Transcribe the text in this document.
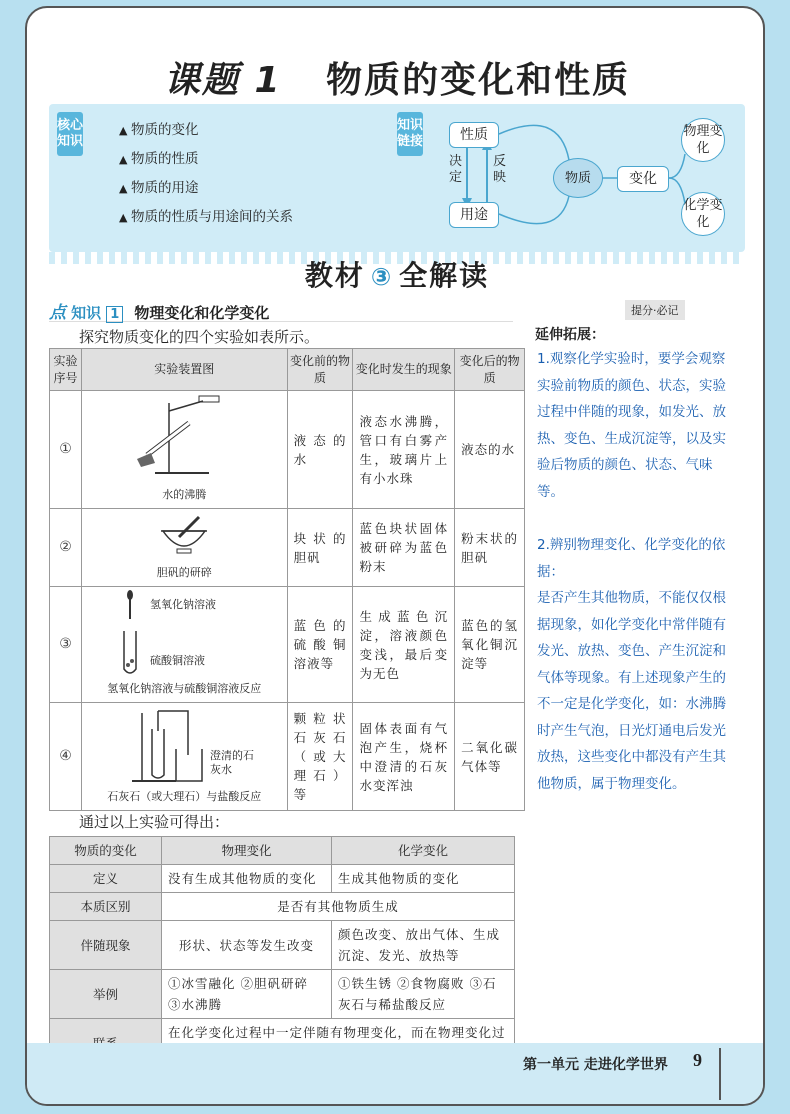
课题 1 物质的变化和性质
核心知识
▲ 物质的变化
▲ 物质的性质
▲ 物质的用途
▲ 物质的性质与用途间的关系
知识链接	性质
用途
决定
反映	物质	变化
物理变化
化学变化
教材 ③ 全解读
点 知识 1 物理变化和化学变化	提分·必记
探究物质变化的四个实验如表所示。
实验序号	实验装置图	变化前的物质	变化时发生的现象	变化后的物质
①	水的沸腾	液态的水	液态水沸腾，管口有白雾产生，玻璃片上有小水珠	液态的水
②	胆矾的研碎	块状的胆矾	蓝色块状固体被研碎为蓝色粉末	粉末状的胆矾
③	氢氧化钠溶液
硫酸铜溶液
氢氧化钠溶液与硫酸铜溶液反应	蓝色的硫酸铜溶液等	生成蓝色沉淀，溶液颜色变浅，最后变为无色	蓝色的氢氧化铜沉淀等
④	澄清的石灰水
石灰石（或大理石）与盐酸反应	颗粒状石灰石（或大理石）等	固体表面有气泡产生，烧杯中澄清的石灰水变浑浊	二氧化碳气体等
通过以上实验可得出：
物质的变化	物理变化	化学变化
定义	没有生成其他物质的变化	生成其他物质的变化
本质区别	是否有其他物质生成	
伴随现象	形状、状态等发生改变	颜色改变、放出气体、生成沉淀、发光、放热等
举例	①冰雪融化 ②胆矾研碎 ③水沸腾	①铁生锈 ②食物腐败 ③石灰石与稀盐酸反应
	在化学变化过程中一定伴随有物理变化，而在物理变化过	
延伸拓展：
1.观察化学实验时，要学会观察实验前物质的颜色、状态，实验过程中伴随的现象，如发光、放热、变色、生成沉淀等，以及实验后物质的颜色、状态、气味等。
2.辨别物理变化、化学变化的依据：
是否产生其他物质，不能仅仅根据现象，如化学变化中常伴随有发光、放热、变色、产生沉淀和气体等现象。有上述现象产生的不一定是化学变化，如：水沸腾时产生气泡，日光灯通电后发光放热，这些变化中都没有产生其他物质，属于物理变化。
第一单元 走进化学世界 9
